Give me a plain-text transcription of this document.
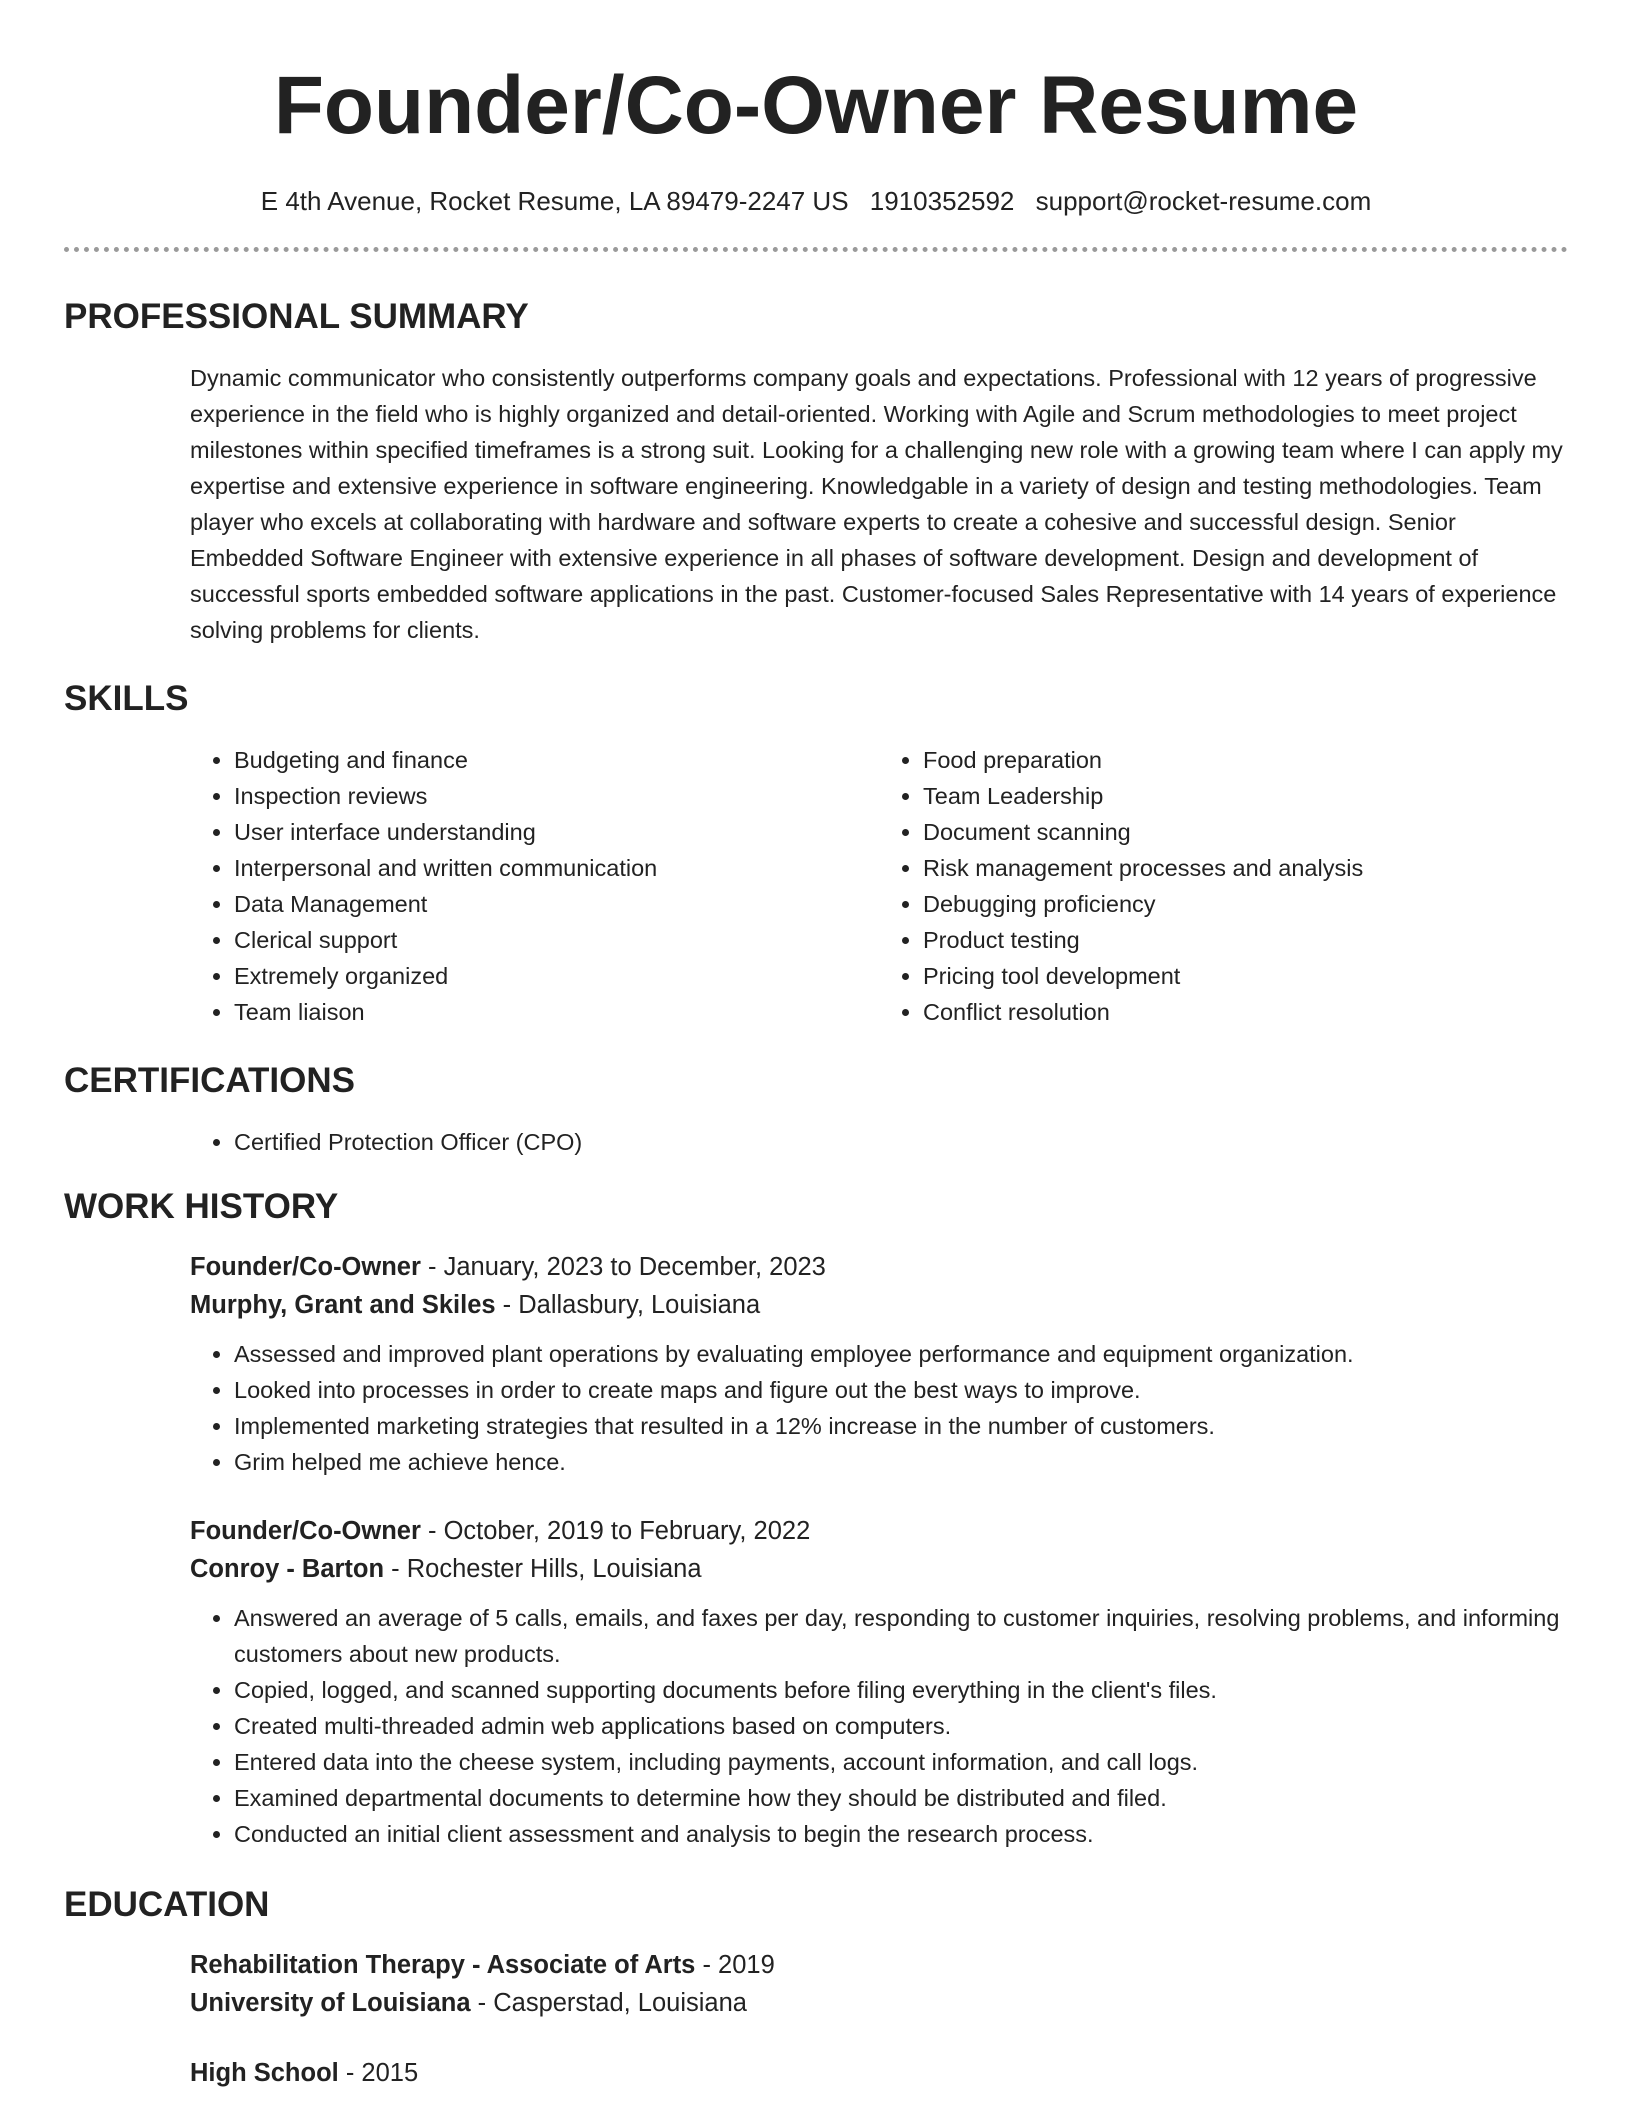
Founder/Co-Owner Resume
E 4th Avenue, Rocket Resume, LA 89479-2247 US 1910352592 support@rocket-resume.com
PROFESSIONAL SUMMARY

Dynamic communicator who consistently outperforms company goals and expectations. Professional with 12 years of progressive experience in the field who is highly organized and detail-oriented. Working with Agile and Scrum methodologies to meet project milestones within specified timeframes is a strong suit. Looking for a challenging new role with a growing team where I can apply my expertise and extensive experience in software engineering. Knowledgable in a variety of design and testing methodologies. Team player who excels at collaborating with hardware and software experts to create a cohesive and successful design. Senior Embedded Software Engineer with extensive experience in all phases of software development. Design and development of successful sports embedded software applications in the past. Customer-focused Sales Representative with 14 years of experience solving problems for clients.

SKILLS
• Budgeting and finance
• Inspection reviews
• User interface understanding
• Interpersonal and written communication
• Data Management
• Clerical support
• Extremely organized
• Team liaison
• Food preparation
• Team Leadership
• Document scanning
• Risk management processes and analysis
• Debugging proficiency
• Product testing
• Pricing tool development
• Conflict resolution
CERTIFICATIONS
• Certified Protection Officer (CPO)
WORK HISTORY
Founder/Co-Owner - January, 2023 to December, 2023
Murphy, Grant and Skiles - Dallasbury, Louisiana
• Assessed and improved plant operations by evaluating employee performance and equipment organization.
• Looked into processes in order to create maps and figure out the best ways to improve.
• Implemented marketing strategies that resulted in a 12% increase in the number of customers.
• Grim helped me achieve hence.
Founder/Co-Owner - October, 2019 to February, 2022
Conroy - Barton - Rochester Hills, Louisiana
• Answered an average of 5 calls, emails, and faxes per day, responding to customer inquiries, resolving problems, and informing customers about new products.
• Copied, logged, and scanned supporting documents before filing everything in the client's files.
• Created multi-threaded admin web applications based on computers.
• Entered data into the cheese system, including payments, account information, and call logs.
• Examined departmental documents to determine how they should be distributed and filed.
• Conducted an initial client assessment and analysis to begin the research process.
EDUCATION
Rehabilitation Therapy - Associate of Arts - 2019
University of Louisiana - Casperstad, Louisiana
High School - 2015
